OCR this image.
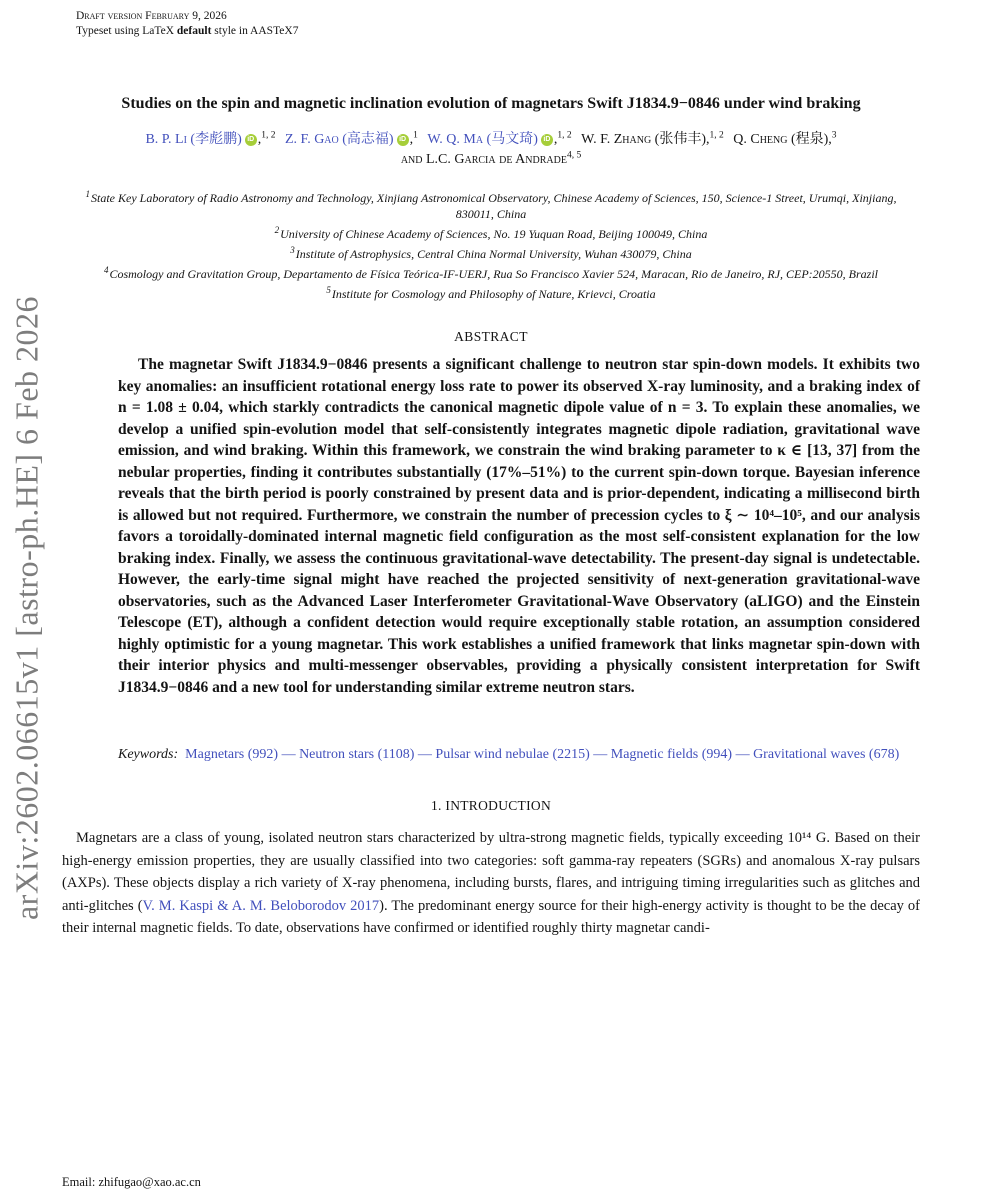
arXiv:2602.06615v1 [astro-ph.HE] 6 Feb 2026
Draft version February 9, 2026
Typeset using LaTeX default style in AASTeX7
Studies on the spin and magnetic inclination evolution of magnetars Swift J1834.9−0846 under wind braking
B. P. Li (李彪鹏) iD ,$^{1, 2}$ Z. F. Gao (高志福) iD ,$^1$ W. Q. Ma (马文琦) iD ,$^{1, 2}$ W. F. Zhang (张伟丰),$^{1, 2}$ Q. Cheng (程泉),$^3$
and L.C. Garcia de Andrade$^{4, 5}$
$^1$State Key Laboratory of Radio Astronomy and Technology, Xinjiang Astronomical Observatory, Chinese Academy of Sciences, 150, Science-1 Street, Urumqi, Xinjiang, 830011, China
$^2$University of Chinese Academy of Sciences, No. 19 Yuquan Road, Beijing 100049, China
$^3$Institute of Astrophysics, Central China Normal University, Wuhan 430079, China
$^4$Cosmology and Gravitation Group, Departamento de Física Teórica-IF-UERJ, Rua So Francisco Xavier 524, Maracan, Rio de Janeiro, RJ, CEP:20550, Brazil
$^5$Institute for Cosmology and Philosophy of Nature, Krievci, Croatia
ABSTRACT

The magnetar Swift J1834.9−0846 presents a significant challenge to neutron star spin-down models. It exhibits two key anomalies: an insufficient rotational energy loss rate to power its observed X-ray luminosity, and a braking index of n = 1.08 ± 0.04, which starkly contradicts the canonical magnetic dipole value of n = 3. To explain these anomalies, we develop a unified spin-evolution model that self-consistently integrates magnetic dipole radiation, gravitational wave emission, and wind braking. Within this framework, we constrain the wind braking parameter to κ ∈ [13, 37] from the nebular properties, finding it contributes substantially (17%–51%) to the current spin-down torque. Bayesian inference reveals that the birth period is poorly constrained by present data and is prior-dependent, indicating a millisecond birth is allowed but not required. Furthermore, we constrain the number of precession cycles to ξ ∼ 10⁴–10⁵, and our analysis favors a toroidally-dominated internal magnetic field configuration as the most self-consistent explanation for the low braking index. Finally, we assess the continuous gravitational-wave detectability. The present-day signal is undetectable. However, the early-time signal might have reached the projected sensitivity of next-generation gravitational-wave observatories, such as the Advanced Laser Interferometer Gravitational-Wave Observatory (aLIGO) and the Einstein Telescope (ET), although a confident detection would require exceptionally stable rotation, an assumption considered highly optimistic for a young magnetar. This work establishes a unified framework that links magnetar spin-down with their interior physics and multi-messenger observables, providing a physically consistent interpretation for Swift J1834.9−0846 and a new tool for understanding similar extreme neutron stars.

Keywords: Magnetars (992) — Neutron stars (1108) — Pulsar wind nebulae (2215) — Magnetic fields (994) — Gravitational waves (678)
1. INTRODUCTION

Magnetars are a class of young, isolated neutron stars characterized by ultra-strong magnetic fields, typically exceeding 10¹⁴ G. Based on their high-energy emission properties, they are usually classified into two categories: soft gamma-ray repeaters (SGRs) and anomalous X-ray pulsars (AXPs). These objects display a rich variety of X-ray phenomena, including bursts, flares, and intriguing timing irregularities such as glitches and anti-glitches (V. M. Kaspi & A. M. Beloborodov 2017). The predominant energy source for their high-energy activity is thought to be the decay of their internal magnetic fields. To date, observations have confirmed or identified roughly thirty magnetar candi-

Email: zhifugao@xao.ac.cn
